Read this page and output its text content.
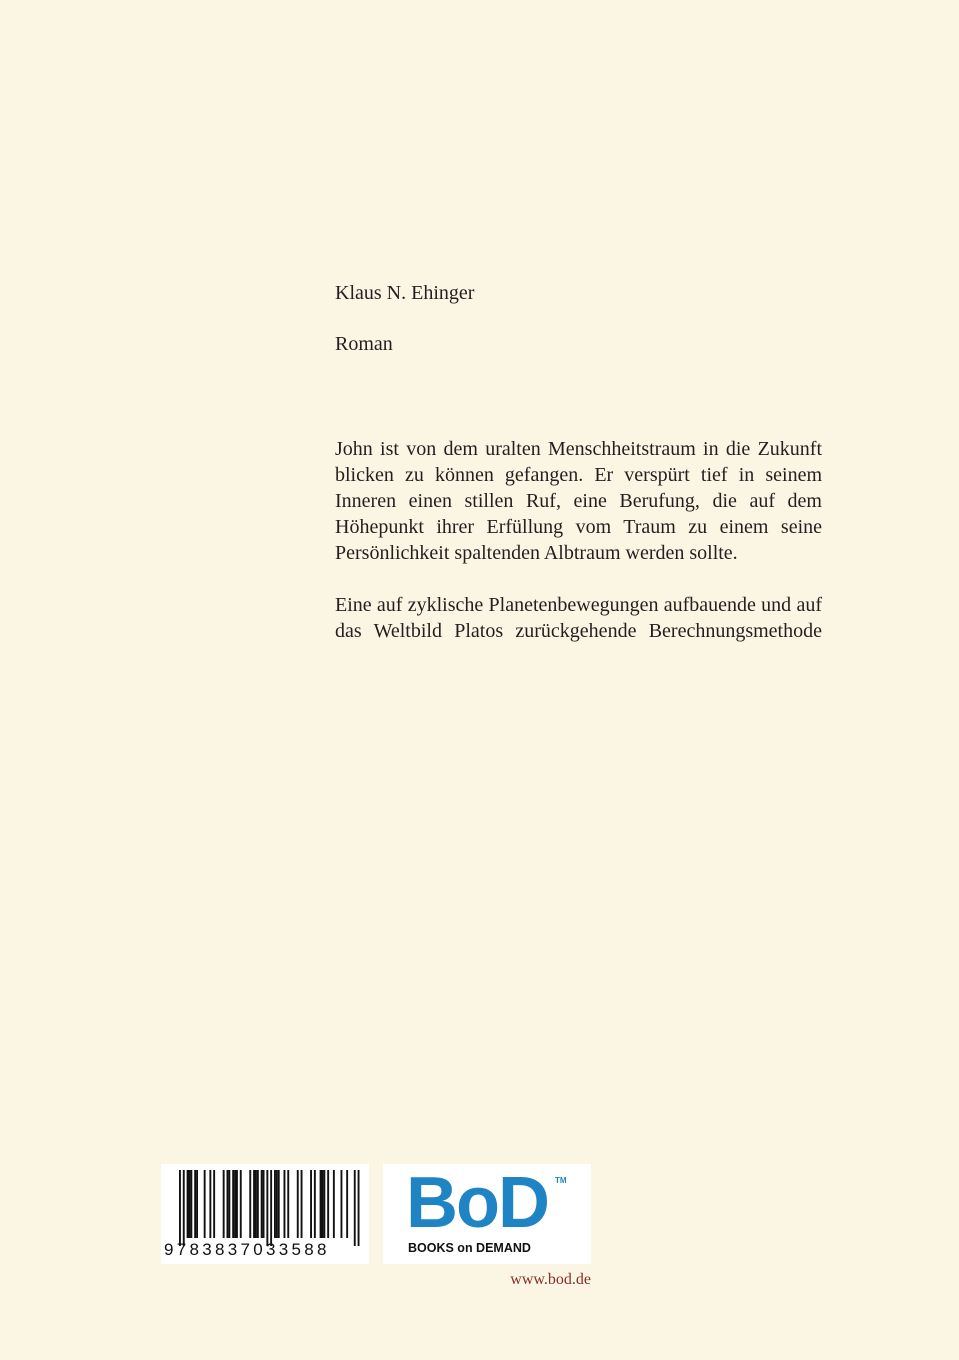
Klaus N. Ehinger
Roman
John ist von dem uralten Menschheitstraum in die Zukunft
blicken zu können gefangen. Er verspürt tief in seinem
Inneren einen stillen Ruf, eine Berufung, die auf dem
Höhepunkt ihrer Erfüllung vom Traum zu einem seine
Persönlichkeit spaltenden Albtraum werden sollte.
Eine auf zyklische Planetenbewegungen aufbauende und auf
das Weltbild Platos zurückgehende Berechnungsmethode
9783837033588
BoD TM
BOOKS on DEMAND
www.bod.de
